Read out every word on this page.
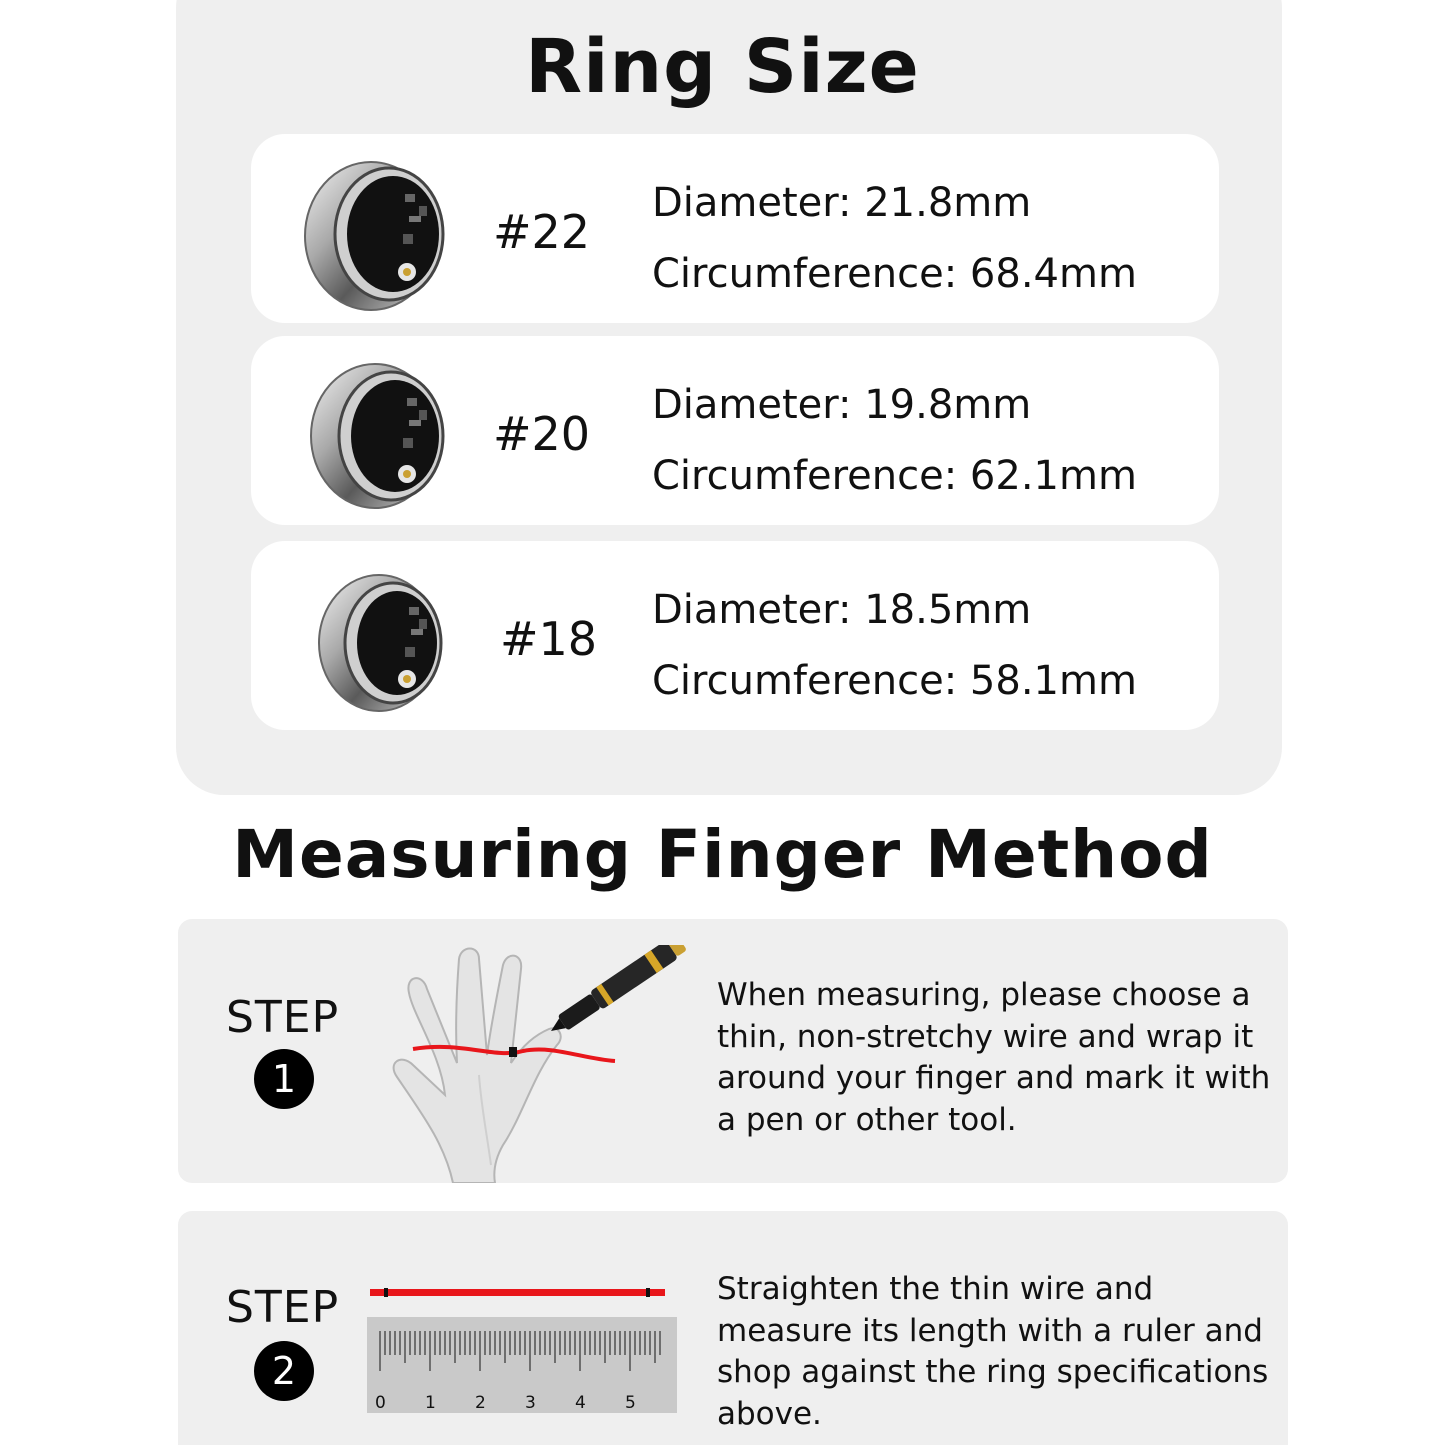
Ring Size
#22
Diameter: 21.8mm
Circumference: 68.4mm
#20
Diameter: 19.8mm
Circumference: 62.1mm
#18
Diameter: 18.5mm
Circumference: 58.1mm
Measuring Finger Method
STEP
1

When measuring, please choose a thin, non-stretchy wire and wrap it around your finger and mark it with a pen or other tool.

STEP
2
0 1 2 3 4 5

Straighten the thin wire and measure its length with a ruler and shop against the ring specifications above.
